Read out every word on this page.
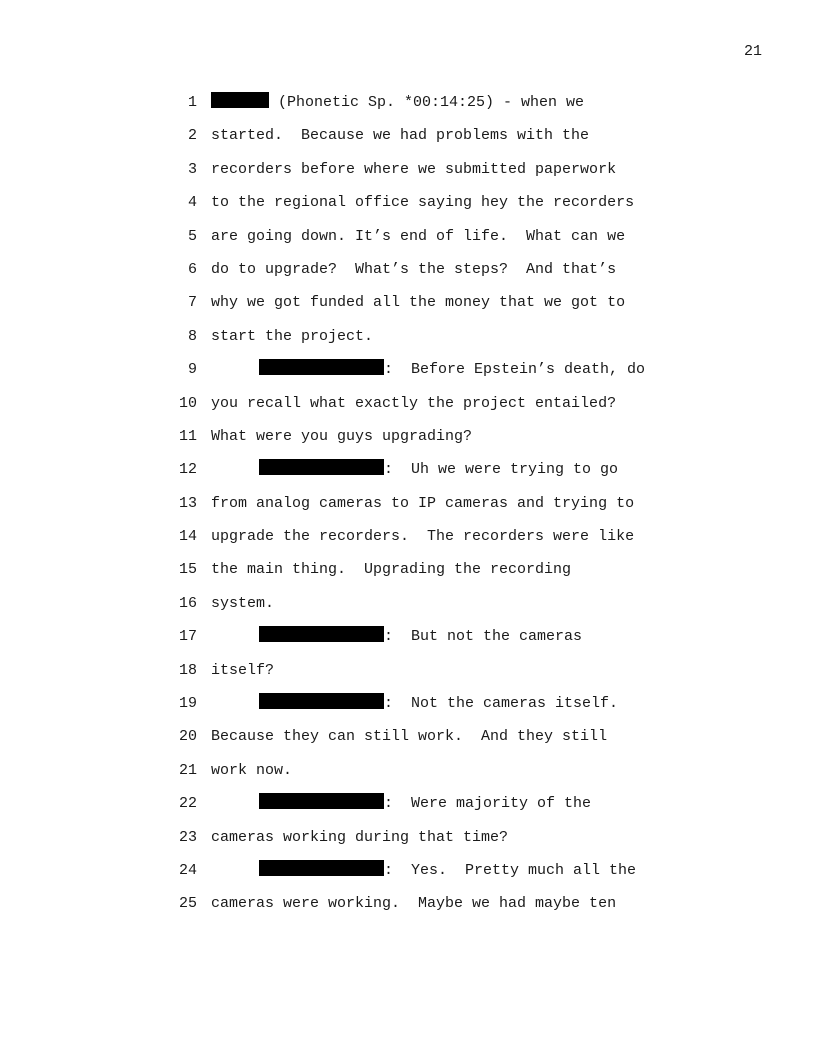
21
1	(Phonetic Sp. *00:14:25) - when we
2 started.  Because we had problems with the
3 recorders before where we submitted paperwork
4 to the regional office saying hey the recorders
5 are going down. It’s end of life.  What can we
6 do to upgrade?  What’s the steps?  And that’s
7 why we got funded all the money that we got to
8 start the project.
9	:  Before Epstein’s death, do
10 you recall what exactly the project entailed?
11 What were you guys upgrading?
12	:  Uh we were trying to go
13 from analog cameras to IP cameras and trying to
14 upgrade the recorders.  The recorders were like
15 the main thing.  Upgrading the recording
16 system.
17	:  But not the cameras
18 itself?
19	:  Not the cameras itself.
20 Because they can still work.  And they still
21 work now.
22	:  Were majority of the
23 cameras working during that time?
24	:  Yes.  Pretty much all the
25 cameras were working.  Maybe we had maybe ten
